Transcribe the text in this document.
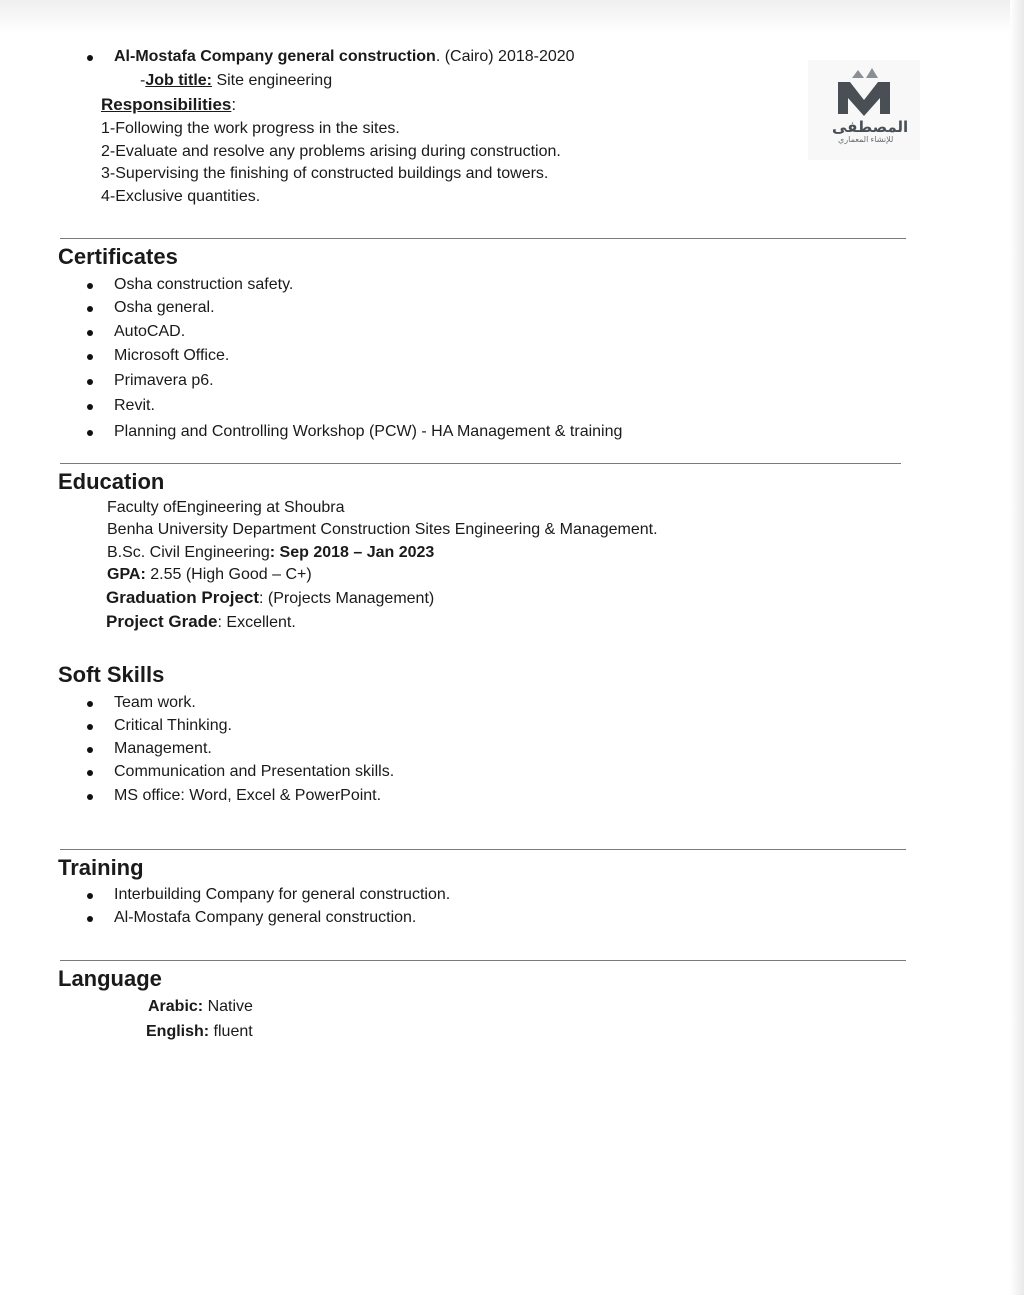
Al-Mostafa Company general construction. (Cairo) 2018-2020
-Job title: Site engineering
Responsibilities:
1-Following the work progress in the sites.
2-Evaluate and resolve any problems arising during construction.
3-Supervising the finishing of constructed buildings and towers.
4-Exclusive quantities.
المصطفى
للإنشاء المعماري
Certificates
Osha construction safety.
Osha general.
AutoCAD.
Microsoft Office.
Primavera p6.
Revit.
Planning and Controlling Workshop (PCW) - HA Management & training
Education
Faculty ofEngineering at Shoubra
Benha University Department Construction Sites Engineering & Management.
B.Sc. Civil Engineering: Sep 2018 – Jan 2023
GPA: 2.55 (High Good – C+)
Graduation Project: (Projects Management)
Project Grade: Excellent.
Soft Skills
Team work.
Critical Thinking.
Management.
Communication and Presentation skills.
MS office: Word, Excel & PowerPoint.
Training
Interbuilding Company for general construction.
Al-Mostafa Company general construction.
Language
Arabic: Native
English: fluent
